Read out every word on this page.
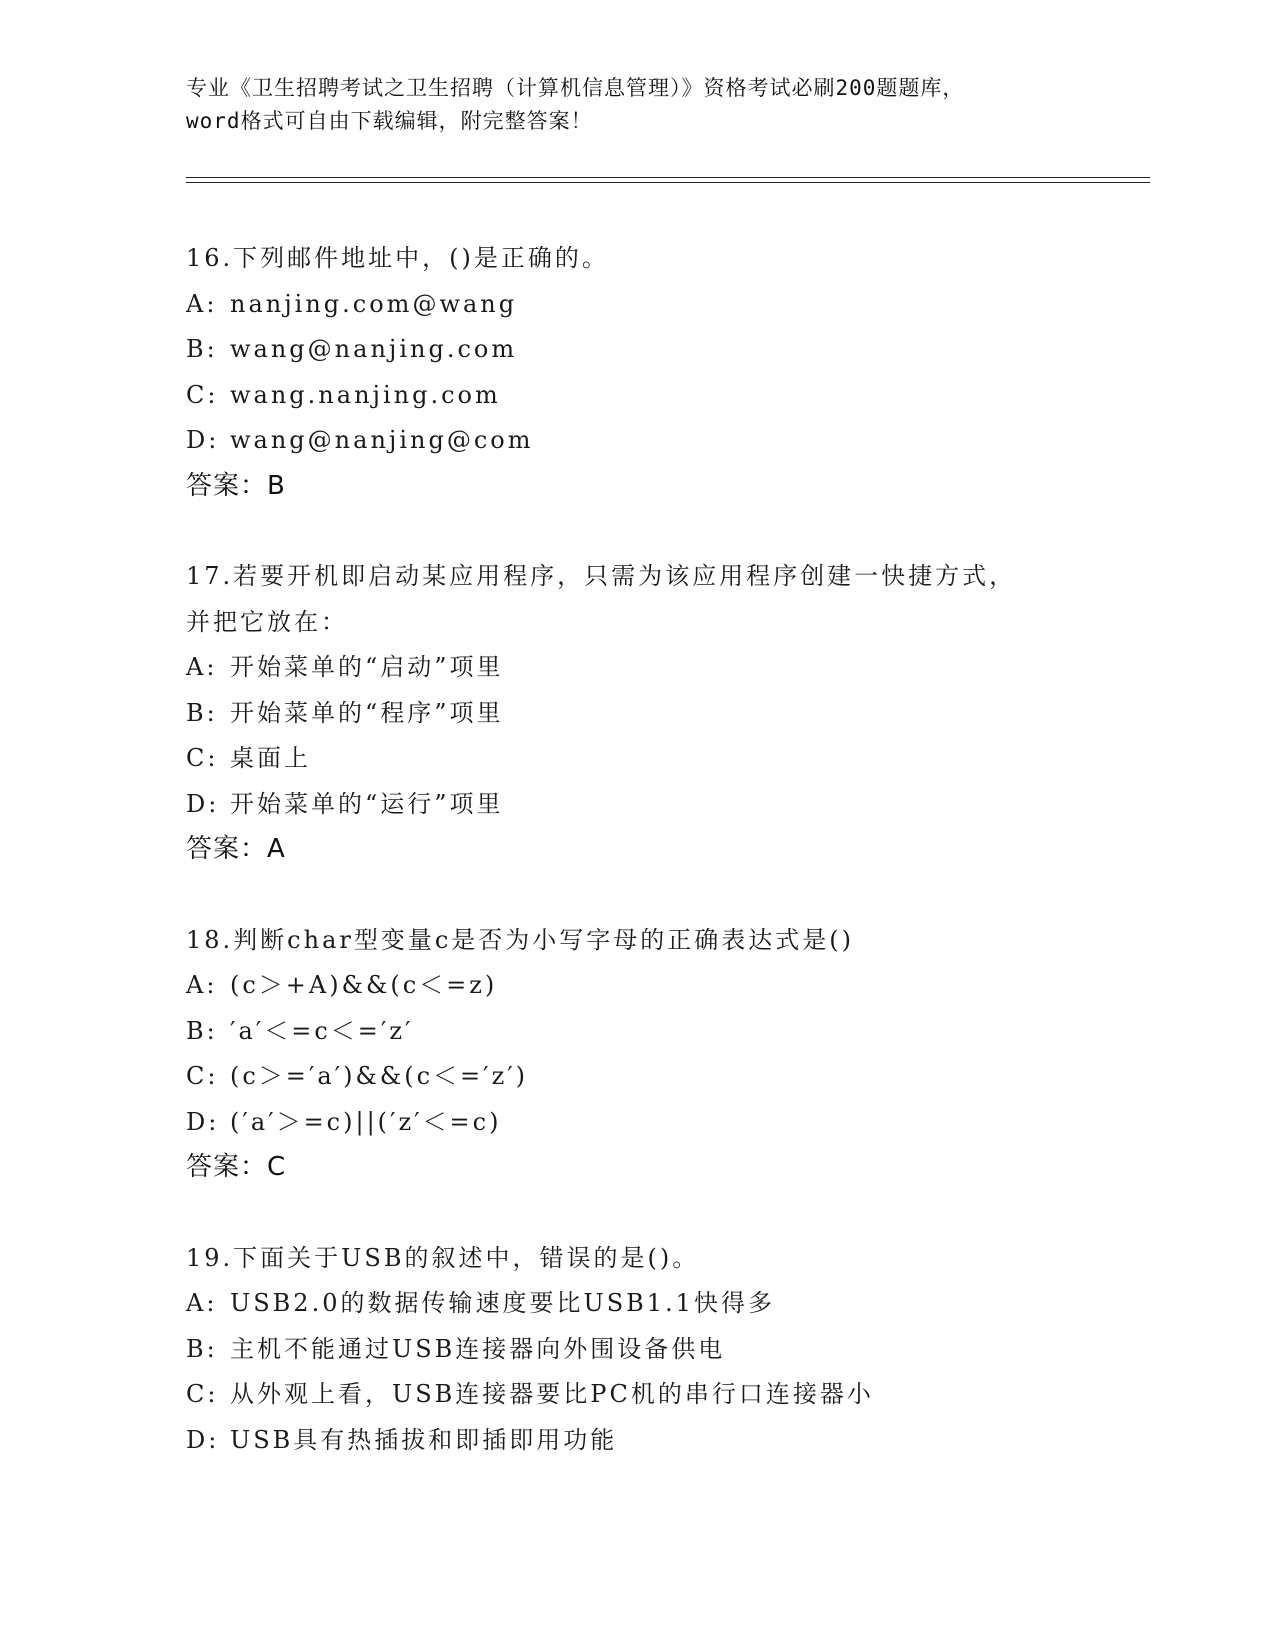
专业《卫生招聘考试之卫生招聘（计算机信息管理）》资格考试必刷200题题库，
word格式可自由下载编辑，附完整答案！
16.下列邮件地址中，()是正确的。
A: nanjing.com@wang
B: wang@nanjing.com
C: wang.nanjing.com
D: wang@nanjing@com
答案：B
17.若要开机即启动某应用程序，只需为该应用程序创建一快捷方式，
并把它放在：
A: 开始菜单的“启动”项里
B: 开始菜单的“程序”项里
C: 桌面上
D: 开始菜单的“运行”项里
答案：A
18.判断char型变量c是否为小写字母的正确表达式是()
A: (c＞+A)&&(c＜=z)
B: ′a′＜=c＜=′z′
C: (c＞=′a′)&&(c＜=′z′)
D: (′a′＞=c)||(′z′＜=c)
答案：C
19.下面关于USB的叙述中，错误的是()。
A: USB2.0的数据传输速度要比USB1.1快得多
B: 主机不能通过USB连接器向外围设备供电
C: 从外观上看，USB连接器要比PC机的串行口连接器小
D: USB具有热插拔和即插即用功能
